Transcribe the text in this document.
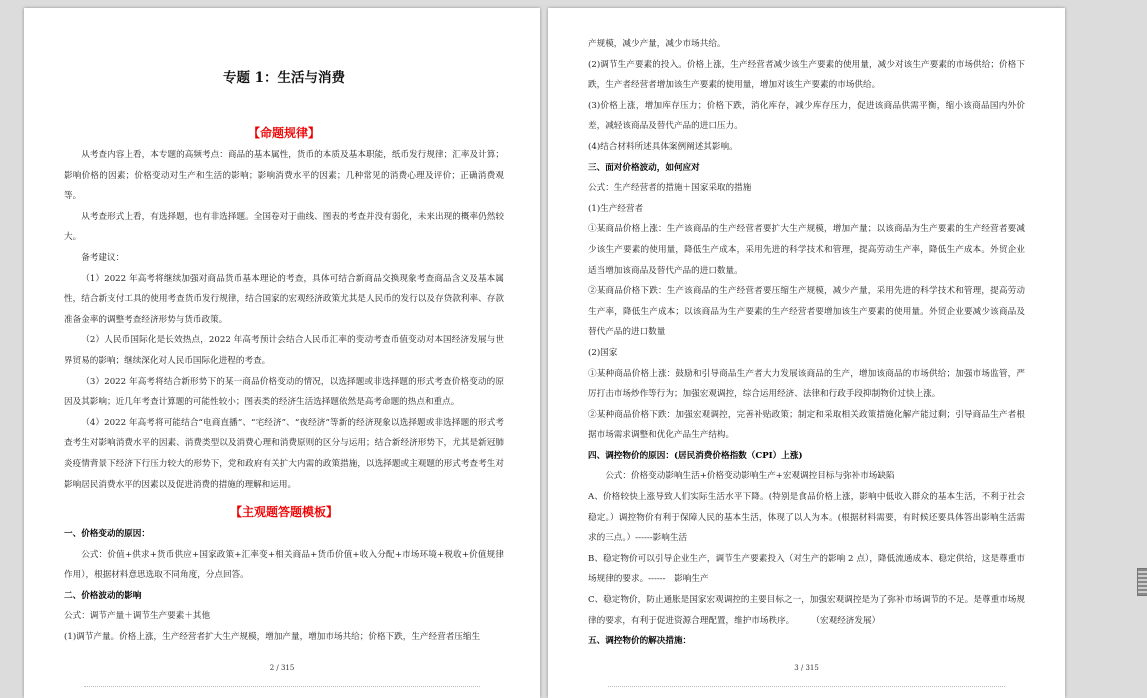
专题 1：生活与消费
【命题规律】

从考查内容上看，本专题的高频考点：商品的基本属性，货币的本质及基本职能，纸币发行规律；汇率及计算；影响价格的因素；价格变动对生产和生活的影响；影响消费水平的因素；几种常见的消费心理及评价；正确消费观等。

从考查形式上看，有选择题，也有非选择题。全国卷对于曲线、图表的考查并没有弱化，未来出现的概率仍然较大。

备考建议：

（1）2022 年高考将继续加强对商品货币基本理论的考查，具体可结合新商品交换现象考查商品含义及基本属性，结合新支付工具的使用考查货币发行规律，结合国家的宏观经济政策尤其是人民币的发行以及存贷款利率、存款准备金率的调整考查经济形势与货币政策。

（2）人民币国际化是长效热点，2022 年高考预计会结合人民币汇率的变动考查币值变动对本国经济发展与世界贸易的影响；继续深化对人民币国际化进程的考查。

（3）2022 年高考将结合新形势下的某一商品价格变动的情况，以选择题或非选择题的形式考查价格变动的原因及其影响；近几年考查计算题的可能性较小；图表类的经济生活选择题依然是高考命题的热点和重点。

（4）2022 年高考将可能结合“电商直播”、“宅经济”、“夜经济”等新的经济现象以选择题或非选择题的形式考查考生对影响消费水平的因素、消费类型以及消费心理和消费原则的区分与运用；结合新经济形势下，尤其是新冠肺炎疫情背景下经济下行压力较大的形势下，党和政府有关扩大内需的政策措施，以选择题或主观题的形式考查考生对影响居民消费水平的因素以及促进消费的措施的理解和运用。

【主观题答题模板】

一、价格变动的原因：

公式：价值+供求+货币供应+国家政策+汇率变+相关商品+货币价值+收入分配+市场环境+税收+价值规律作用），根据材料意思选取不同角度，分点回答。

二、价格波动的影响

公式：调节产量＋调节生产要素＋其他

(1)调节产量。价格上涨，生产经营者扩大生产规模，增加产量，增加市场共给；价格下跌，生产经营者压缩生

2 / 315

产规模，减少产量，减少市场共给。

(2)调节生产要素的投入。价格上涨，生产经营者减少该生产要素的使用量，减少对该生产要素的市场供给；价格下跌，生产者经营者增加该生产要素的使用量，增加对该生产要素的市场供给。

(3)价格上涨，增加库存压力；价格下跌，消化库存，减少库存压力，促进该商品供需平衡，缩小该商品国内外价差，减轻该商品及替代产品的进口压力。

(4)结合材料所述具体案例阐述其影响。

三、面对价格波动，如何应对

公式：生产经营者的措施＋国家采取的措施

(1)生产经营者

①某商品价格上涨：生产该商品的生产经营者要扩大生产规模，增加产量；以该商品为生产要素的生产经营者要减少该生产要素的使用量，降低生产成本，采用先进的科学技术和管理，提高劳动生产率，降低生产成本。外贸企业适当增加该商品及替代产品的进口数量。

②某商品价格下跌：生产该商品的生产经营者要压缩生产规模，减少产量，采用先进的科学技术和管理，提高劳动生产率，降低生产成本；以该商品为生产要素的生产经营者要增加该生产要素的使用量。外贸企业要减少该商品及替代产品的进口数量

(2)国家

①某种商品价格上涨：鼓励和引导商品生产者大力发展该商品的生产，增加该商品的市场供给；加强市场监管，严厉打击市场炒作等行为；加强宏观调控，综合运用经济、法律和行政手段抑制物价过快上涨。

②某种商品价格下跌：加强宏观调控，完善补贴政策；制定和采取相关政策措施化解产能过剩；引导商品生产者根据市场需求调整和优化产品生产结构。

四、调控物价的原因：(居民消费价格指数（CPI）上涨)

公式：价格变动影响生活+价格变动影响生产+宏观调控目标与弥补市场缺陷

A、价格较快上涨导致人们实际生活水平下降。(特别是食品价格上涨，影响中低收入群众的基本生活，不利于社会稳定。）调控物价有利于保障人民的基本生活，体现了以人为本。(根据材料需要，有时候还要具体答出影响生活需求的三点。）------影响生活

B、稳定物价可以引导企业生产，调节生产要素投入（对生产的影响 2 点），降低流通成本、稳定供给，这是尊重市场规律的要求。------　影响生产

C、稳定物价，防止通胀是国家宏观调控的主要目标之一，加强宏观调控是为了弥补市场调节的不足。是尊重市场规律的要求，有利于促进资源合理配置，维护市场秩序。　　　（宏观经济发展）

五、调控物价的解决措施：

3 / 315
